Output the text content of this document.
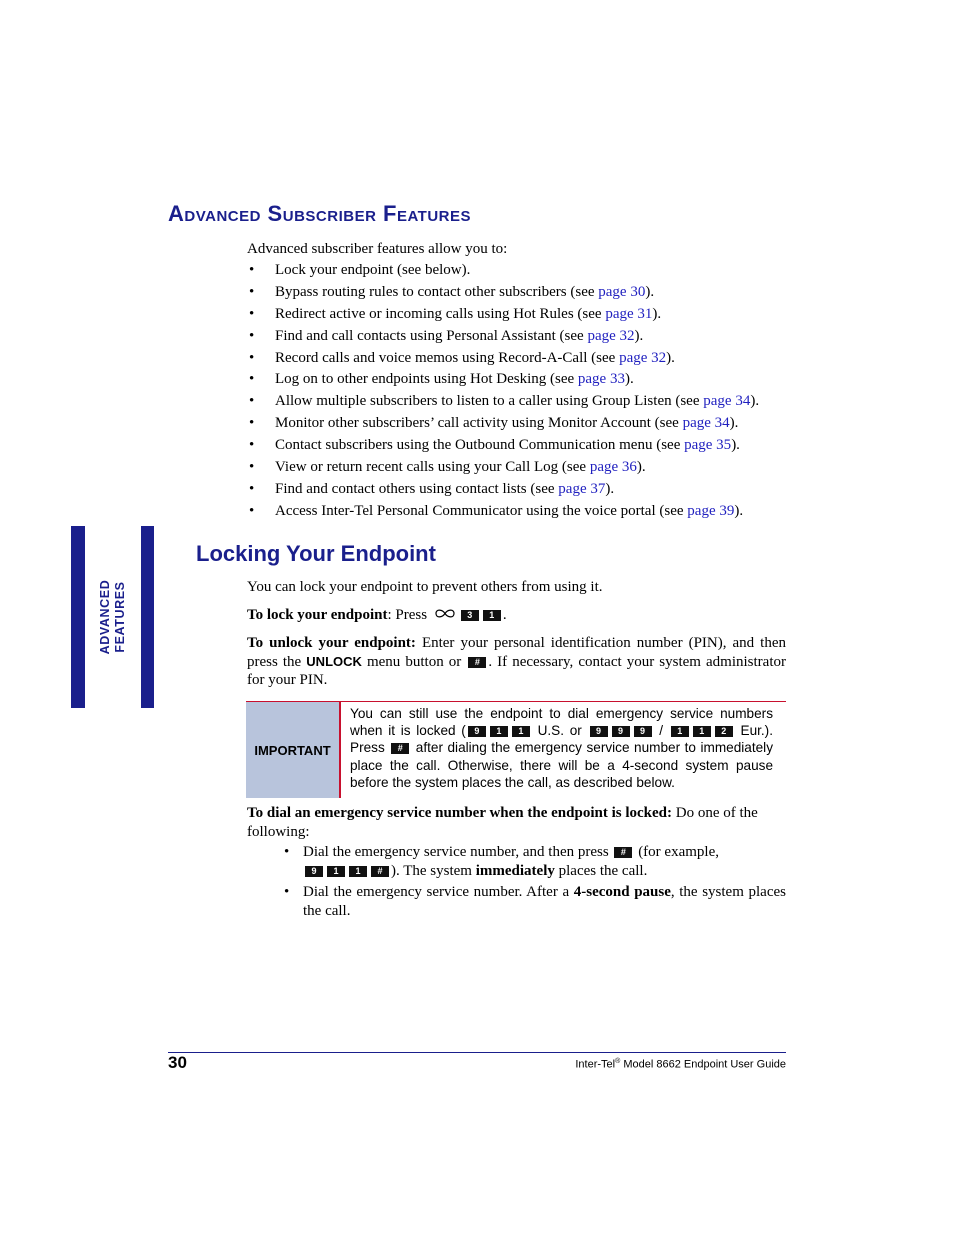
ADVANCED FEATURES
Advanced Subscriber Features
Advanced subscriber features allow you to:
• Lock your endpoint (see below).
• Bypass routing rules to contact other subscribers (see page 30).
• Redirect active or incoming calls using Hot Rules (see page 31).
• Find and call contacts using Personal Assistant (see page 32).
• Record calls and voice memos using Record-A-Call (see page 32).
• Log on to other endpoints using Hot Desking (see page 33).
• Allow multiple subscribers to listen to a caller using Group Listen (see page 34).
• Monitor other subscribers’ call activity using Monitor Account (see page 34).
• Contact subscribers using the Outbound Communication menu (see page 35).
• View or return recent calls using your Call Log (see page 36).
• Find and contact others using contact lists (see page 37).
• Access Inter-Tel Personal Communicator using the voice portal (see page 39).
Locking Your Endpoint
You can lock your endpoint to prevent others from using it.
To lock your endpoint: Press	3 1 .
To unlock your endpoint: Enter your personal identification number (PIN), and then press the UNLOCK menu button or # . If necessary, contact your system administrator for your PIN.
IMPORTANT
You can still use the endpoint to dial emergency service numbers when it is locked ( 9 1 1 U.S. or 9 9 9 / 1 1 2 Eur.). Press # after dialing the emergency service number to immediately place the call. Otherwise, there will be a 4-second system pause before the system places the call, as described below.
To dial an emergency service number when the endpoint is locked: Do one of the following:
• Dial the emergency service number, and then press # (for example,
9 1 1 # ). The system immediately places the call.
• Dial the emergency service number. After a 4-second pause, the system places the call.
30	Inter-Tel® Model 8662 Endpoint User Guide
